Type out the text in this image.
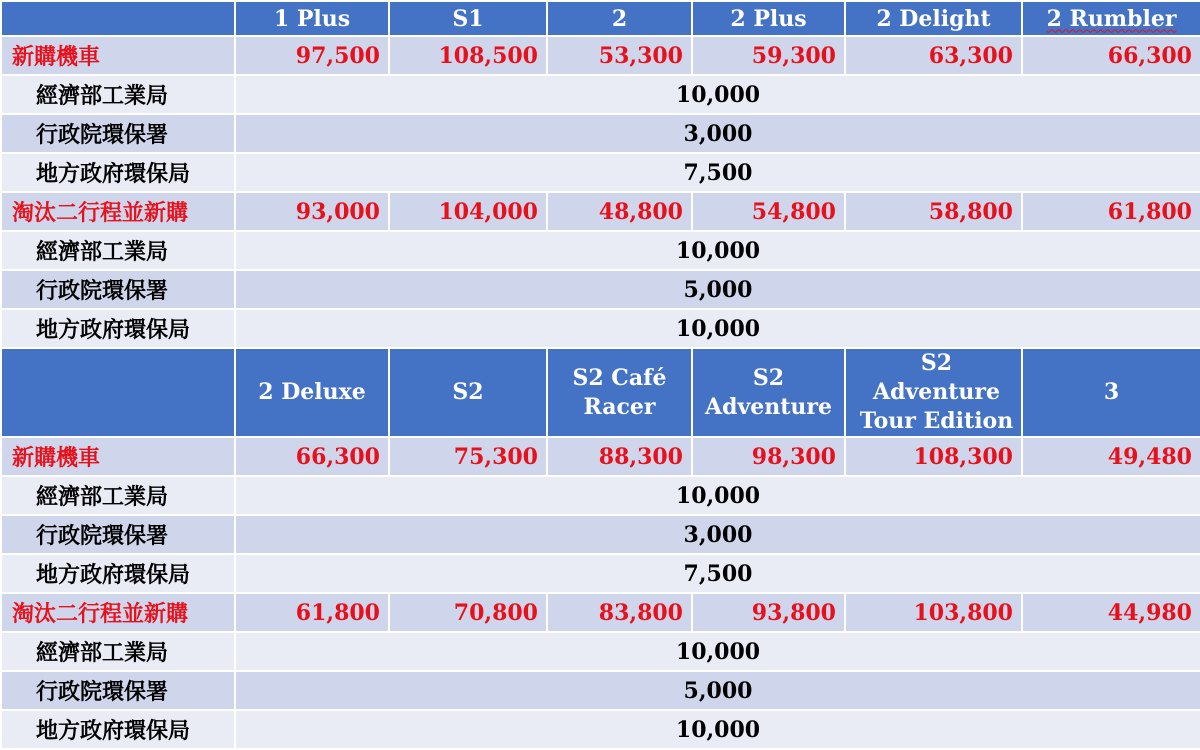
	1 Plus	S1	2	2 Plus	2 Delight	2 Rumbler
新購機車	97,500	108,500	53,300	59,300	63,300	66,300
經濟部工業局	10,000					
行政院環保署	3,000					
地方政府環保局	7,500					
淘汰二行程並新購	93,000	104,000	48,800	54,800	58,800	61,800
經濟部工業局	10,000					
行政院環保署	5,000					
地方政府環保局	10,000					
	2 Deluxe	S2	S2 Café Racer	S2 Adventure	S2 Adventure Tour Edition	3
新購機車	66,300	75,300	88,300	98,300	108,300	49,480
經濟部工業局	10,000					
行政院環保署	3,000					
地方政府環保局	7,500					
淘汰二行程並新購	61,800	70,800	83,800	93,800	103,800	44,980
經濟部工業局	10,000					
行政院環保署	5,000					
地方政府環保局	10,000					
